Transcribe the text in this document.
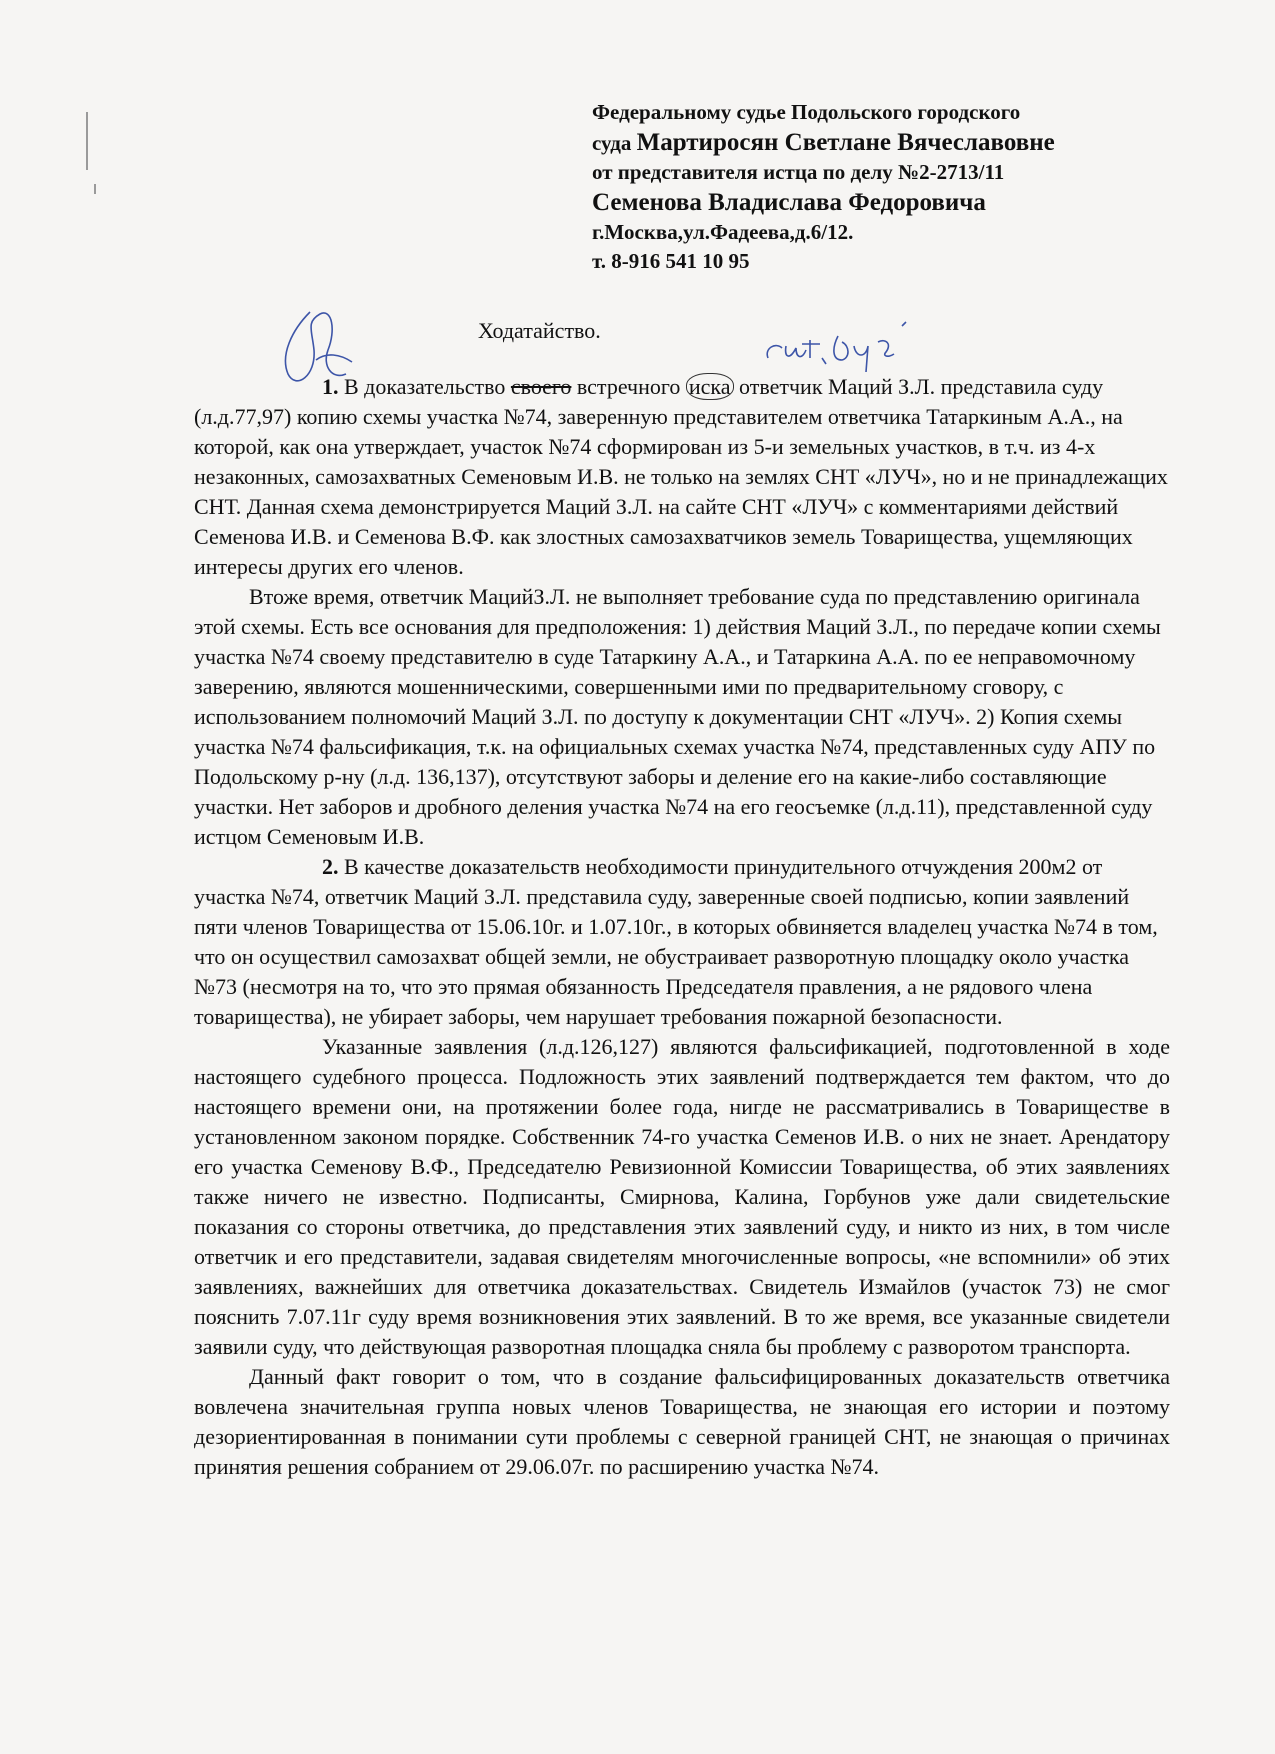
Федеральному судье Подольского городского
суда Мартиросян Светлане Вячеславовне
от представителя истца по делу №2-2713/11
Семенова Владислава Федоровича
г.Москва,ул.Фадеева,д.6/12.
т. 8-916 541 10 95
Ходатайство.

1. В доказательство своего встречного иска ответчик Маций З.Л. представила суду (л.д.77,97) копию схемы участка №74, заверенную представителем ответчика Татаркиным А.А., на которой, как она утверждает, участок №74 сформирован из 5-и земельных участков, в т.ч. из 4-х незаконных, самозахватных Семеновым И.В. не только на землях СНТ «ЛУЧ», но и не принадлежащих СНТ. Данная схема демонстрируется Маций З.Л. на сайте СНТ «ЛУЧ» с комментариями действий Семенова И.В. и Семенова В.Ф. как злостных самозахватчиков земель Товарищества, ущемляющих интересы других его членов.

Втоже время, ответчик МацийЗ.Л. не выполняет требование суда по представлению оригинала этой схемы. Есть все основания для предположения: 1) действия Маций З.Л., по передаче копии схемы участка №74 своему представителю в суде Татаркину А.А., и Татаркина А.А. по ее неправомочному заверению, являются мошенническими, совершенными ими по предварительному сговору, с использованием полномочий Маций З.Л. по доступу к документации СНТ «ЛУЧ». 2) Копия схемы участка №74 фальсификация, т.к. на официальных схемах участка №74, представленных суду АПУ по Подольскому р-ну (л.д. 136,137), отсутствуют заборы и деление его на какие-либо составляющие участки. Нет заборов и дробного деления участка №74 на его геосъемке (л.д.11), представленной суду истцом Семеновым И.В.

2. В качестве доказательств необходимости принудительного отчуждения 200м2 от участка №74, ответчик Маций З.Л. представила суду, заверенные своей подписью, копии заявлений пяти членов Товарищества от 15.06.10г. и 1.07.10г., в которых обвиняется владелец участка №74 в том, что он осуществил самозахват общей земли, не обустраивает разворотную площадку около участка №73 (несмотря на то, что это прямая обязанность Председателя правления, а не рядового члена товарищества), не убирает заборы, чем нарушает требования пожарной безопасности.

Указанные заявления (л.д.126,127) являются фальсификацией, подготовленной в ходе настоящего судебного процесса. Подложность этих заявлений подтверждается тем фактом, что до настоящего времени они, на протяжении более года, нигде не рассматривались в Товариществе в установленном законом порядке. Собственник 74-го участка Семенов И.В. о них не знает. Арендатору его участка Семенову В.Ф., Председателю Ревизионной Комиссии Товарищества, об этих заявлениях также ничего не известно. Подписанты, Смирнова, Калина, Горбунов уже дали свидетельские показания со стороны ответчика, до представления этих заявлений суду, и никто из них, в том числе ответчик и его представители, задавая свидетелям многочисленные вопросы, «не вспомнили» об этих заявлениях, важнейших для ответчика доказательствах. Свидетель Измайлов (участок 73) не смог пояснить 7.07.11г суду время возникновения этих заявлений. В то же время, все указанные свидетели заявили суду, что действующая разворотная площадка сняла бы проблему с разворотом транспорта.

Данный факт говорит о том, что в создание фальсифицированных доказательств ответчика вовлечена значительная группа новых членов Товарищества, не знающая его истории и поэтому дезориентированная в понимании сути проблемы с северной границей СНТ, не знающая о причинах принятия решения собранием от 29.06.07г. по расширению участка №74.
